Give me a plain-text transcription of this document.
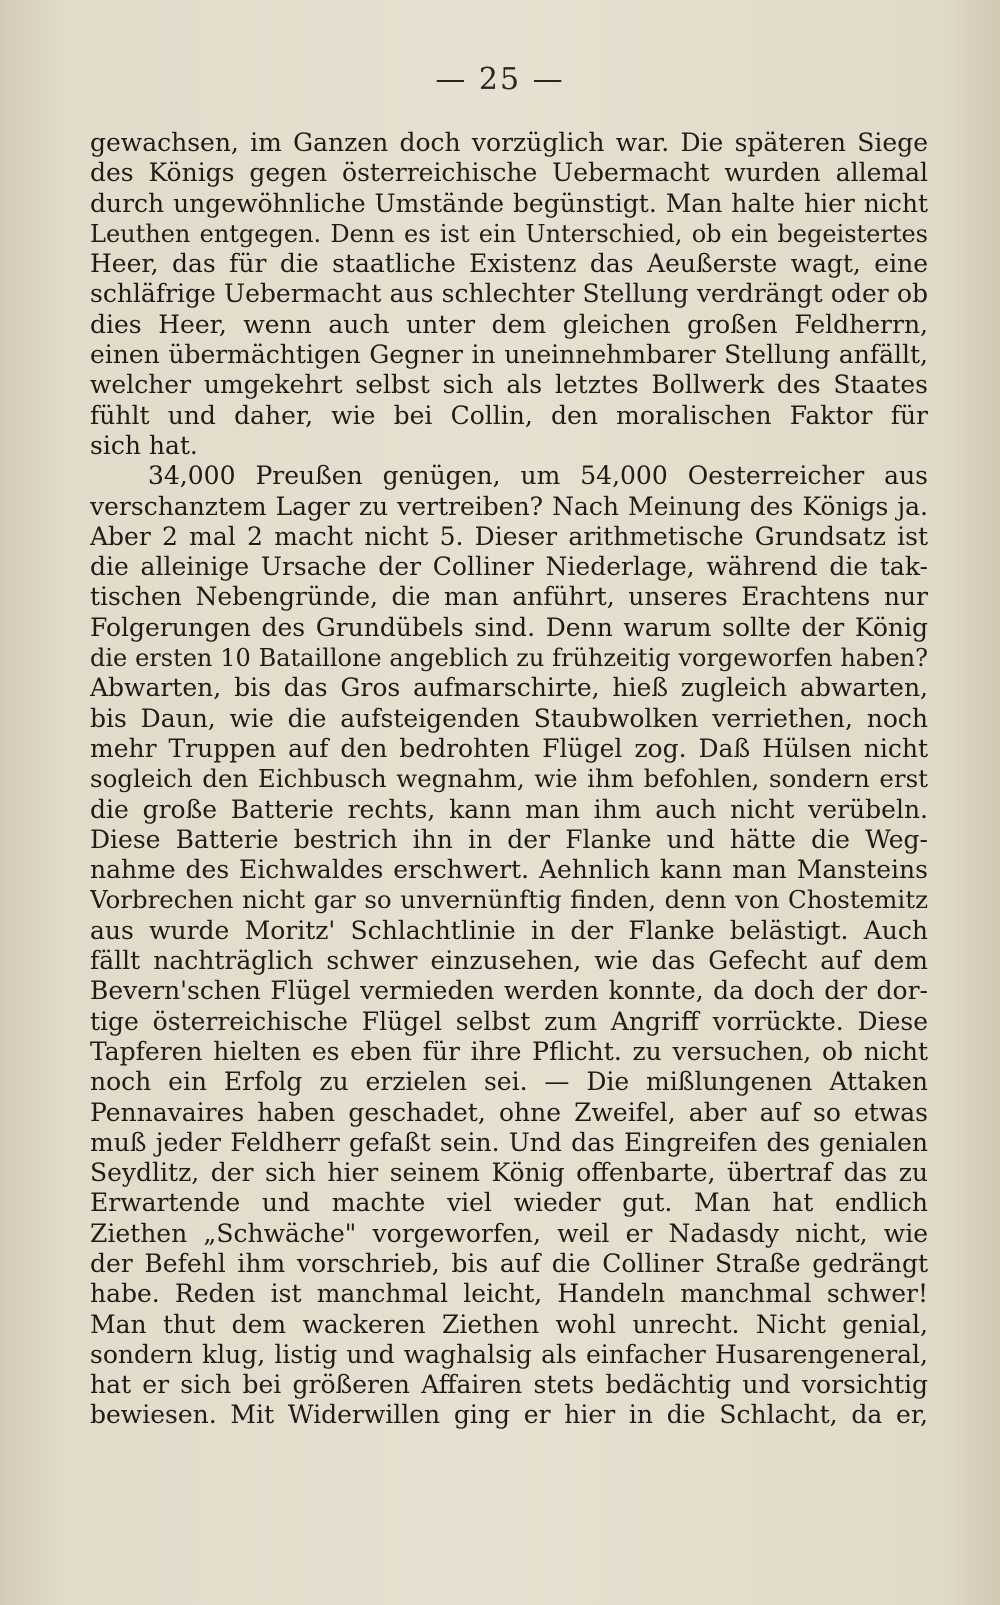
— 25 —
gewachsen, im Ganzen doch vorzüglich war. Die späteren Siege
des Königs gegen österreichische Uebermacht wurden allemal
durch ungewöhnliche Umstände begünstigt. Man halte hier nicht
Leuthen entgegen. Denn es ist ein Unterschied, ob ein begeistertes
Heer, das für die staatliche Existenz das Aeußerste wagt, eine
schläfrige Uebermacht aus schlechter Stellung verdrängt oder ob
dies Heer, wenn auch unter dem gleichen großen Feldherrn,
einen übermächtigen Gegner in uneinnehmbarer Stellung anfällt,
welcher umgekehrt selbst sich als letztes Bollwerk des Staates
fühlt und daher, wie bei Collin, den moralischen Faktor für
sich hat.
34,000 Preußen genügen, um 54,000 Oesterreicher aus
verschanztem Lager zu vertreiben? Nach Meinung des Königs ja.
Aber 2 mal 2 macht nicht 5. Dieser arithmetische Grundsatz ist
die alleinige Ursache der Colliner Niederlage, während die tak-
tischen Nebengründe, die man anführt, unseres Erachtens nur
Folgerungen des Grundübels sind. Denn warum sollte der König
die ersten 10 Bataillone angeblich zu frühzeitig vorgeworfen haben?
Abwarten, bis das Gros aufmarschirte, hieß zugleich abwarten,
bis Daun, wie die aufsteigenden Staubwolken verriethen, noch
mehr Truppen auf den bedrohten Flügel zog. Daß Hülsen nicht
sogleich den Eichbusch wegnahm, wie ihm befohlen, sondern erst
die große Batterie rechts, kann man ihm auch nicht verübeln.
Diese Batterie bestrich ihn in der Flanke und hätte die Weg-
nahme des Eichwaldes erschwert. Aehnlich kann man Mansteins
Vorbrechen nicht gar so unvernünftig finden, denn von Chostemitz
aus wurde Moritz' Schlachtlinie in der Flanke belästigt. Auch
fällt nachträglich schwer einzusehen, wie das Gefecht auf dem
Bevern'schen Flügel vermieden werden konnte, da doch der dor-
tige österreichische Flügel selbst zum Angriff vorrückte. Diese
Tapferen hielten es eben für ihre Pflicht. zu versuchen, ob nicht
noch ein Erfolg zu erzielen sei. — Die mißlungenen Attaken
Pennavaires haben geschadet, ohne Zweifel, aber auf so etwas
muß jeder Feldherr gefaßt sein. Und das Eingreifen des genialen
Seydlitz, der sich hier seinem König offenbarte, übertraf das zu
Erwartende und machte viel wieder gut. Man hat endlich
Ziethen „Schwäche" vorgeworfen, weil er Nadasdy nicht, wie
der Befehl ihm vorschrieb, bis auf die Colliner Straße gedrängt
habe. Reden ist manchmal leicht, Handeln manchmal schwer!
Man thut dem wackeren Ziethen wohl unrecht. Nicht genial,
sondern klug, listig und waghalsig als einfacher Husarengeneral,
hat er sich bei größeren Affairen stets bedächtig und vorsichtig
bewiesen. Mit Widerwillen ging er hier in die Schlacht, da er,
